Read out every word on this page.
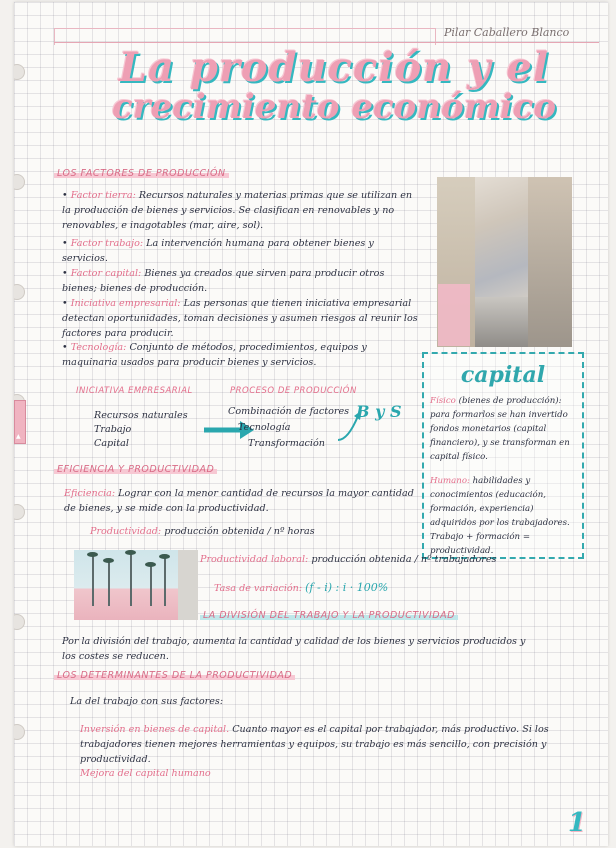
Pilar Caballero Blanco
La producción y el
crecimiento económico
LOS FACTORES DE PRODUCCIÓN
• Factor tierra: Recursos naturales y materias primas que se utilizan en la producción de bienes y servicios. Se clasifican en renovables y no renovables, e inagotables (mar, aire, sol).
• Factor trabajo: La intervención humana para obtener bienes y servicios.
• Factor capital: Bienes ya creados que sirven para producir otros bienes; bienes de producción.
• Iniciativa empresarial: Las personas que tienen iniciativa empresarial detectan oportunidades, toman decisiones y asumen riesgos al reunir los factores para producir.
• Tecnología: Conjunto de métodos, procedimientos, equipos y maquinaria usados para producir bienes y servicios.
INICIATIVA EMPRESARIAL	PROCESO DE PRODUCCIÓN
Recursos naturales
Trabajo
Capital
Combinación de factores
Tecnología
Transformación
B y S
capital
Físico (bienes de producción): para formarlos se han invertido fondos monetarios (capital financiero), y se transforman en capital físico.
Humano: habilidades y conocimientos (educación, formación, experiencia) adquiridos por los trabajadores. Trabajo + formación = productividad.
EFICIENCIA Y PRODUCTIVIDAD
Eficiencia: Lograr con la menor cantidad de recursos la mayor cantidad de bienes, y se mide con la productividad.
Productividad: producción obtenida / nº horas
Productividad laboral: producción obtenida / nº trabajadores
Tasa de variación: (f - i) : i · 100%
LA DIVISIÓN DEL TRABAJO Y LA PRODUCTIVIDAD
Por la división del trabajo, aumenta la cantidad y calidad de los bienes y servicios producidos y los costes se reducen.
LOS DETERMINANTES DE LA PRODUCTIVIDAD
La del trabajo con sus factores:
Inversión en bienes de capital. Cuanto mayor es el capital por trabajador, más productivo. Si los trabajadores tienen mejores herramientas y equipos, su trabajo es más sencillo, con precisión y productividad.
Mejora del capital humano
1
▲
